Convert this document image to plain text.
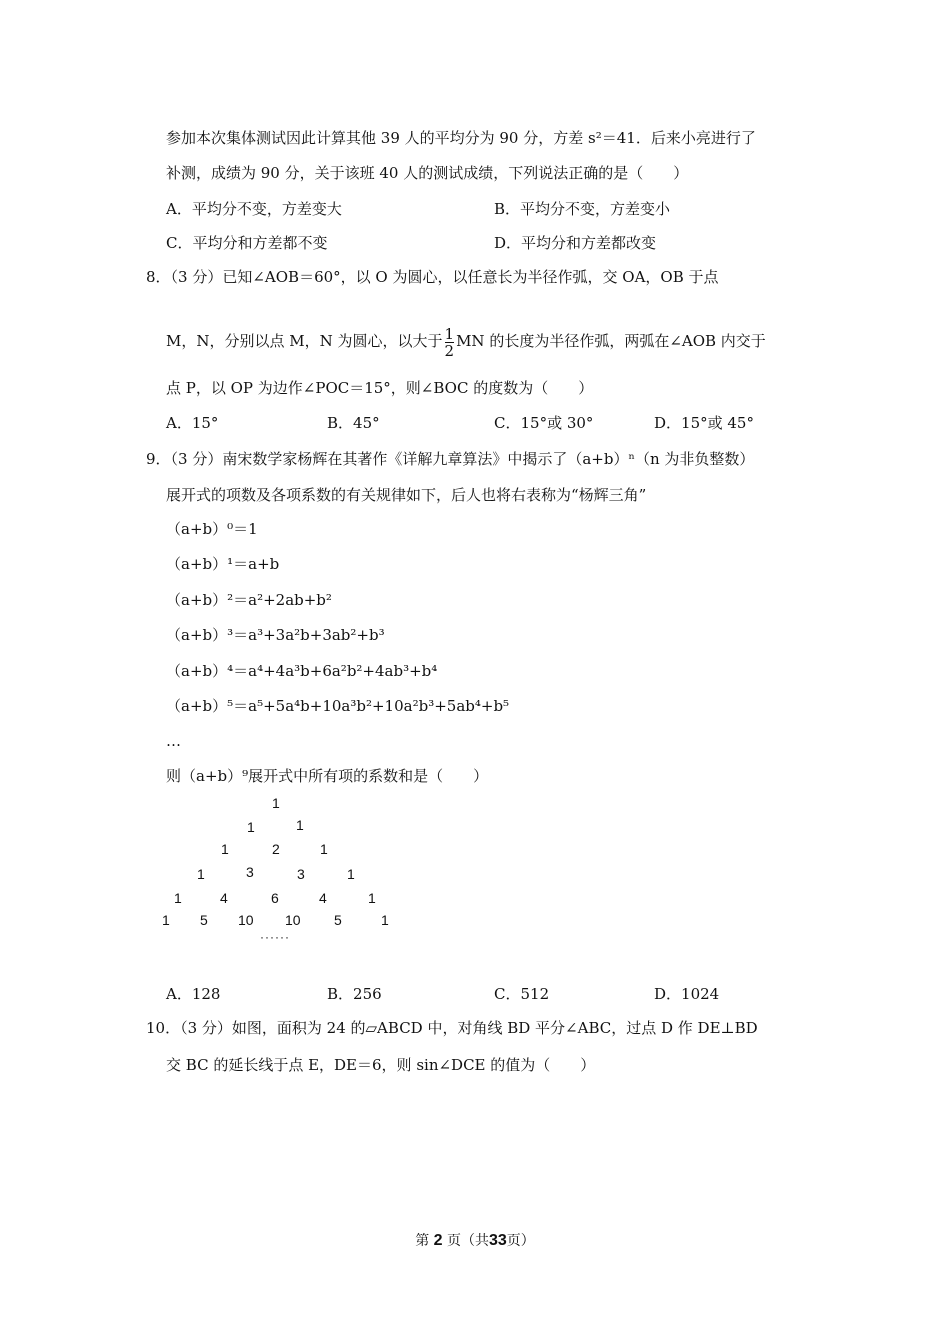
参加本次集体测试因此计算其他 39 人的平均分为 90 分，方差 s²＝41．后来小亮进行了
补测，成绩为 90 分，关于该班 40 人的测试成绩，下列说法正确的是（　　）
A．平均分不变，方差变大	B．平均分不变，方差变小
C．平均分和方差都不变	D．平均分和方差都改变
8．（3 分）已知∠AOB＝60°，以 O 为圆心，以任意长为半径作弧，交 OA，OB 于点
M，N，分别以点 M，N 为圆心，以大于 $\frac{1}{2}$ MN 的长度为半径作弧，两弧在∠AOB 内交于
点 P，以 OP 为边作∠POC＝15°，则∠BOC 的度数为（　　）
A．15°	B．45°	C．15°或 30°	D．15°或 45°
9．（3 分）南宋数学家杨辉在其著作《详解九章算法》中揭示了（a+b）ⁿ（n 为非负整数）
展开式的项数及各项系数的有关规律如下，后人也将右表称为“杨辉三角”
（a+b）⁰＝1
（a+b）¹＝a+b
（a+b）²＝a²+2ab+b²
（a+b）³＝a³+3a²b+3ab²+b³
（a+b）⁴＝a⁴+4a³b+6a²b²+4ab³+b⁴
（a+b）⁵＝a⁵+5a⁴b+10a³b²+10a²b³+5ab⁴+b⁵
…
则（a+b）⁹展开式中所有项的系数和是（　　）
1
1	1
1	2	1
1	3	3	1
1	4	6	4	1
1 5 10 10 5	1
······
A．128	B．256	C．512	D．1024
10．（3 分）如图，面积为 24 的▱ABCD 中，对角线 BD 平分∠ABC，过点 D 作 DE⊥BD
交 BC 的延长线于点 E，DE＝6，则 sin∠DCE 的值为（　　）
第 2 页（共33页）
